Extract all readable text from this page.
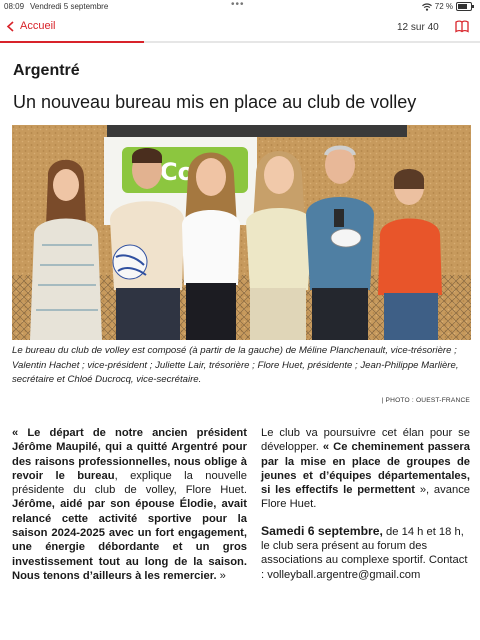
08:09 Vendredi 5 septembre	•••	72 %
Accueil	12 sur 40
Argentré
Un nouveau bureau mis en place au club de volley

Le bureau du club de volley est composé (à partir de la gauche) de Méline Planchenault, vice-trésorière ; Valentin Hachet ; vice-président ; Juliette Lair, trésorière ; Flore Huet, présidente ; Jean-Philippe Marlière, secrétaire et Chloé Ducrocq, vice-secrétaire.

| PHOTO : OUEST-FRANCE

« Le départ de notre ancien président Jérôme Maupilé, qui a quitté Argentré pour des raisons professionnelles, nous oblige à revoir le bureau, explique la nouvelle présidente du club de volley, Flore Huet. Jérôme, aidé par son épouse Élodie, avait relancé cette activité sportive pour la saison 2024-2025 avec un fort engagement, une énergie débordante et un gros investissement tout au long de la saison. Nous tenons d’ailleurs à les remercier. »

Le club va poursuivre cet élan pour se développer. « Ce cheminement passera par la mise en place de groupes de jeunes et d’équipes départementales, si les effectifs le permettent », avance Flore Huet.

Samedi 6 septembre, de 14 h et 18 h, le club sera présent au forum des associations au complexe sportif. Contact : volleyball.argentre@gmail.com
